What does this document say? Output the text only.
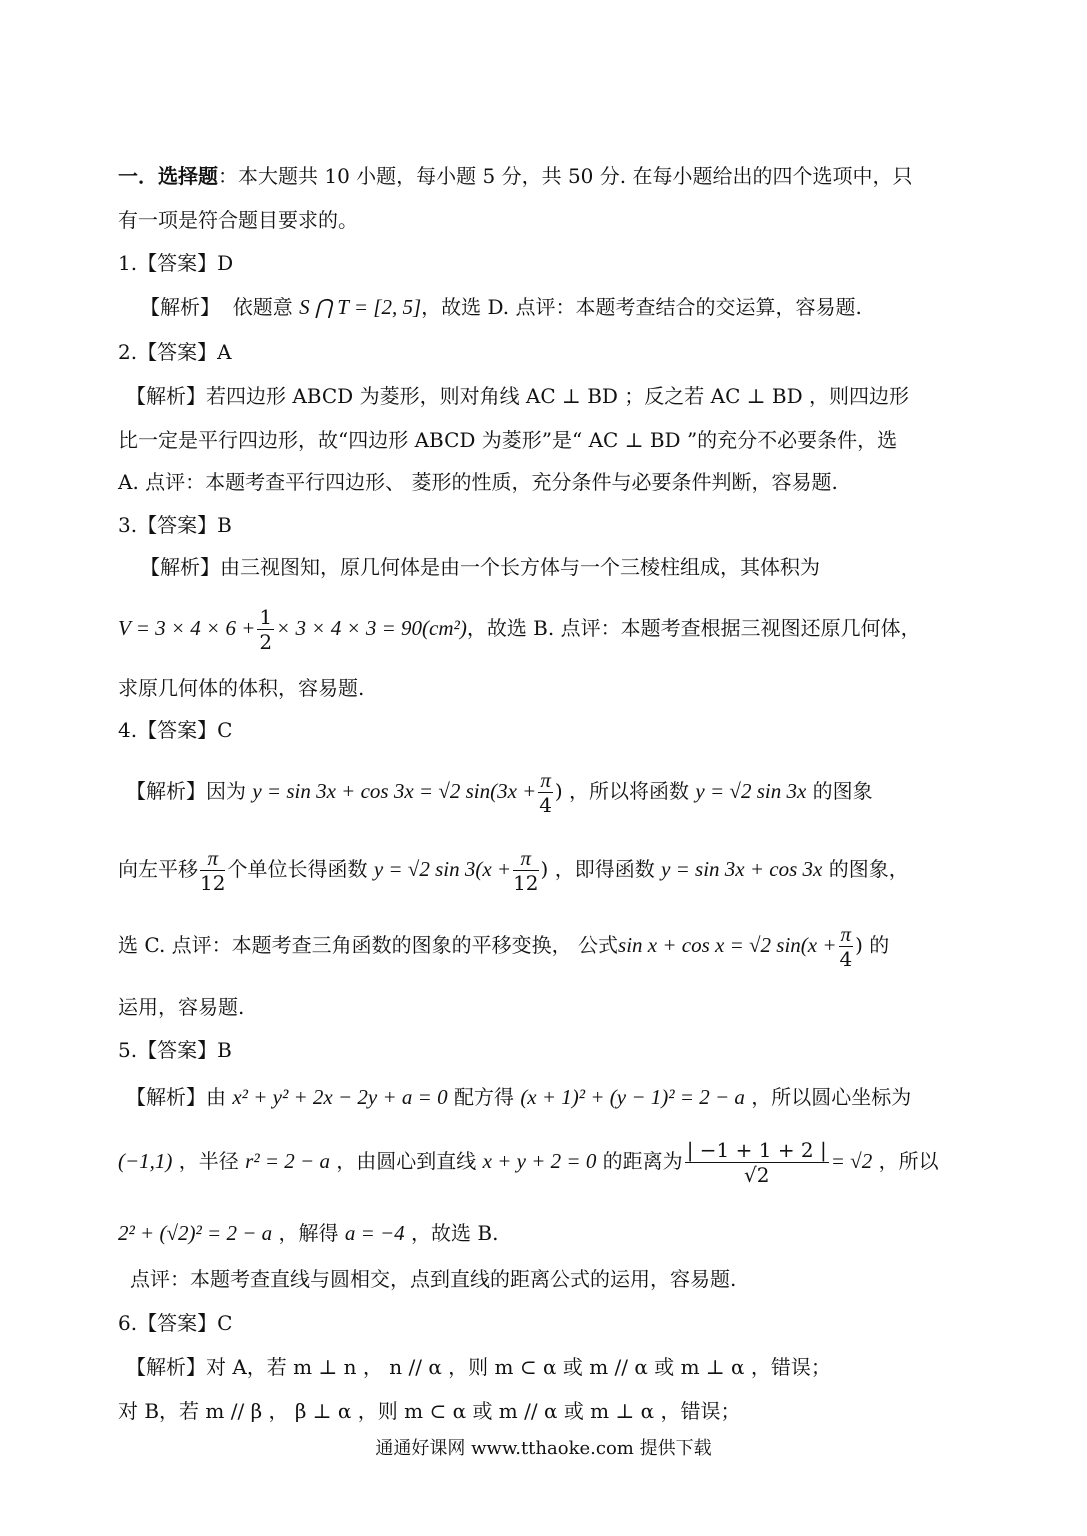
一．选择题：本大题共 10 小题，每小题 5 分，共 50 分. 在每小题给出的四个选项中，只
有一项是符合题目要求的。
1.【答案】D
【解析】 依题意 S ⋂ T = [2, 5]，故选 D. 点评：本题考查结合的交运算，容易题.
2.【答案】A
【解析】若四边形 ABCD 为菱形，则对角线 AC ⊥ BD ；反之若 AC ⊥ BD ，则四边形
比一定是平行四边形，故“四边形 ABCD 为菱形”是“ AC ⊥ BD ”的充分不必要条件，选
A. 点评：本题考查平行四边形、 菱形的性质，充分条件与必要条件判断，容易题.
3.【答案】B
【解析】由三视图知，原几何体是由一个长方体与一个三棱柱组成，其体积为
$V = 3 \times 4 \times 6 + \frac{1}{2} \times 3 \times 4 \times 3 = 90(cm^2)$，故选 B. 点评：本题考查根据三视图还原几何体，
求原几何体的体积，容易题.
4.【答案】C
【解析】因为 y = sin 3x + cos 3x = √2 $\sin(3x + \frac{\pi}{4}$ ) ，所以将函数 y = √2 sin 3x 的图象
向左平移 $\frac{\pi}{12}$ 个单位长得函数 y = √2 $\sin 3(x + \frac{\pi}{12}$ ) ，即得函数 y = sin 3x + cos 3x 的图象，
选 C. 点评：本题考查三角函数的图象的平移变换， 公式sin x + cos x = √2 $\sin(x + \frac{\pi}{4}$ ) 的
运用，容易题.
5.【答案】B
【解析】由 x² + y² + 2x − 2y + a = 0 配方得 (x + 1)² + (y − 1)² = 2 − a ，所以圆心坐标为
(−1,1) ，半径 r² = 2 − a ，由圆心到直线 x + y + 2 = 0 的距离为 $\frac{| -1 + 1 + 2 |}{√2} = √2$ ，所以
2² + (√2)² = 2 − a ，解得 a = −4 ，故选 B.
点评：本题考查直线与圆相交，点到直线的距离公式的运用，容易题.
6.【答案】C
【解析】对 A，若 m ⊥ n ， n // α ，则 m ⊂ α 或 m // α 或 m ⊥ α ，错误；
对 B，若 m // β ， β ⊥ α ，则 m ⊂ α 或 m // α 或 m ⊥ α ，错误；
通通好课网 www.tthaoke.com 提供下载
